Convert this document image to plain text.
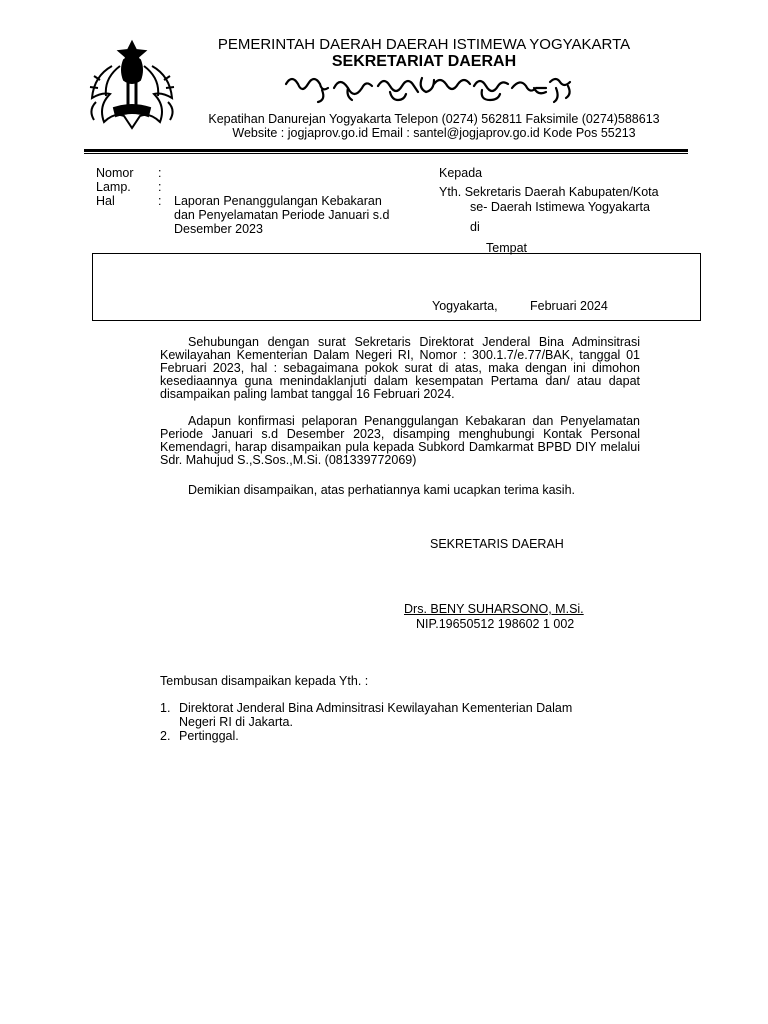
PEMERINTAH DAERAH DAERAH ISTIMEWA YOGYAKARTA
SEKRETARIAT DAERAH
Kepatihan Danurejan Yogyakarta Telepon (0274) 562811 Faksimile (0274)588613
Website : jogjaprov.go.id Email : santel@jogjaprov.go.id Kode Pos 55213
Nomor :
Lamp. :
Hal	: Laporan Penanggulangan Kebakaran
dan Penyelamatan Periode Januari s.d
Desember 2023
Kepada
Yth. Sekretaris Daerah Kabupaten/Kota
se- Daerah Istimewa Yogyakarta
di
Tempat
Yogyakarta,	Februari 2024

Sehubungan dengan surat Sekretaris Direktorat Jenderal Bina Adminsitrasi Kewilayahan Kementerian Dalam Negeri RI, Nomor : 300.1.7/e.77/BAK, tanggal 01 Februari 2023, hal : sebagaimana pokok surat di atas, maka dengan ini dimohon kesediaannya guna menindaklanjuti dalam kesempatan Pertama dan/ atau dapat disampaikan paling lambat tanggal 16 Februari 2024.

Adapun konfirmasi pelaporan Penanggulangan Kebakaran dan Penyelamatan Periode Januari s.d Desember 2023, disamping menghubungi Kontak Personal Kemendagri, harap disampaikan pula kepada Subkord Damkarmat BPBD DIY melalui Sdr. Mahujud S.,S.Sos.,M.Si. (081339772069)

Demikian disampaikan, atas perhatiannya kami ucapkan terima kasih.

SEKRETARIS DAERAH
Drs. BENY SUHARSONO, M.Si.
NIP.19650512 198602 1 002
Tembusan disampaikan kepada Yth. :
1. Direktorat Jenderal Bina Adminsitrasi Kewilayahan Kementerian Dalam
Negeri RI di Jakarta.
2. Pertinggal.
